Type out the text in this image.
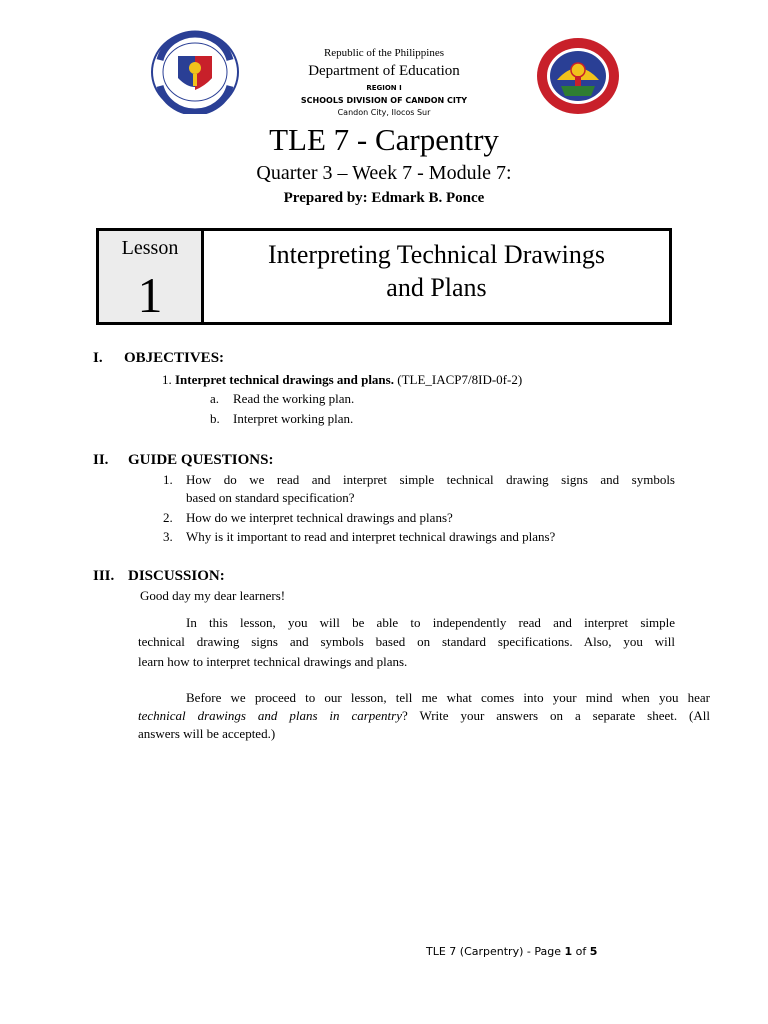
Republic of the Philippines
Department of Education
REGION I
SCHOOLS DIVISION OF CANDON CITY
Candon City, Ilocos Sur
TLE 7 - Carpentry
Quarter 3 – Week 7 - Module 7:
Prepared by: Edmark B. Ponce
Lesson
1
Interpreting Technical Drawings
and Plans
I. OBJECTIVES:
1. Interpret technical drawings and plans. (TLE_IACP7/8ID-0f-2)
a. Read the working plan.
b. Interpret working plan.
II. GUIDE QUESTIONS:
1. How do we read and interpret simple technical drawing signs and symbols
based on standard specification?
2. How do we interpret technical drawings and plans?
3. Why is it important to read and interpret technical drawings and plans?
III. DISCUSSION:
Good day my dear learners!
In this lesson, you will be able to independently read and interpret simple
technical drawing signs and symbols based on standard specifications. Also, you will
learn how to interpret technical drawings and plans.
Before we proceed to our lesson, tell me what comes into your mind when you hear
technical drawings and plans in carpentry? Write your answers on a separate sheet. (All
answers will be accepted.)
TLE 7 (Carpentry) - Page 1 of 5
